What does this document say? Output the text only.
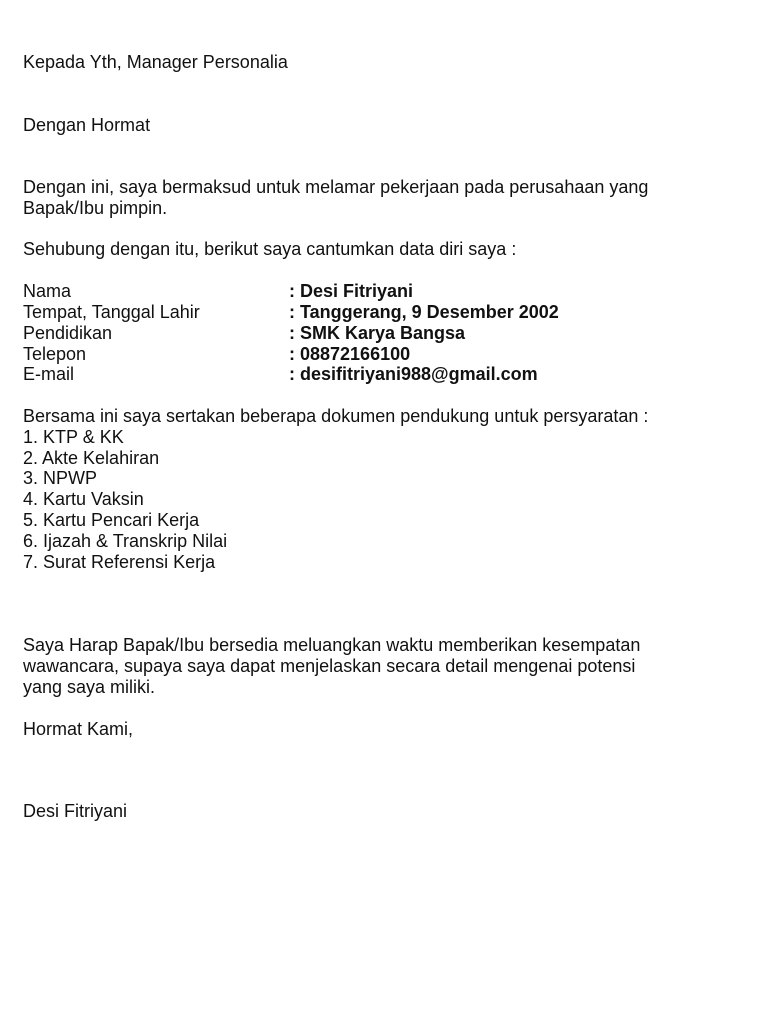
Kepada Yth, Manager Personalia
Dengan Hormat
Dengan ini, saya bermaksud untuk melamar pekerjaan pada perusahaan yang
Bapak/Ibu pimpin.
Sehubung dengan itu, berikut saya cantumkan data diri saya :
Nama	: Desi Fitriyani
Tempat, Tanggal Lahir	: Tanggerang, 9 Desember 2002
Pendidikan	: SMK Karya Bangsa
Telepon	: 08872166100
E-mail	: desifitriyani988@gmail.com
Bersama ini saya sertakan beberapa dokumen pendukung untuk persyaratan :
1. KTP & KK
2. Akte Kelahiran
3. NPWP
4. Kartu Vaksin
5. Kartu Pencari Kerja
6. Ijazah & Transkrip Nilai
7. Surat Referensi Kerja
Saya Harap Bapak/Ibu bersedia meluangkan waktu memberikan kesempatan
wawancara, supaya saya dapat menjelaskan secara detail mengenai potensi
yang saya miliki.
Hormat Kami,
Desi Fitriyani
